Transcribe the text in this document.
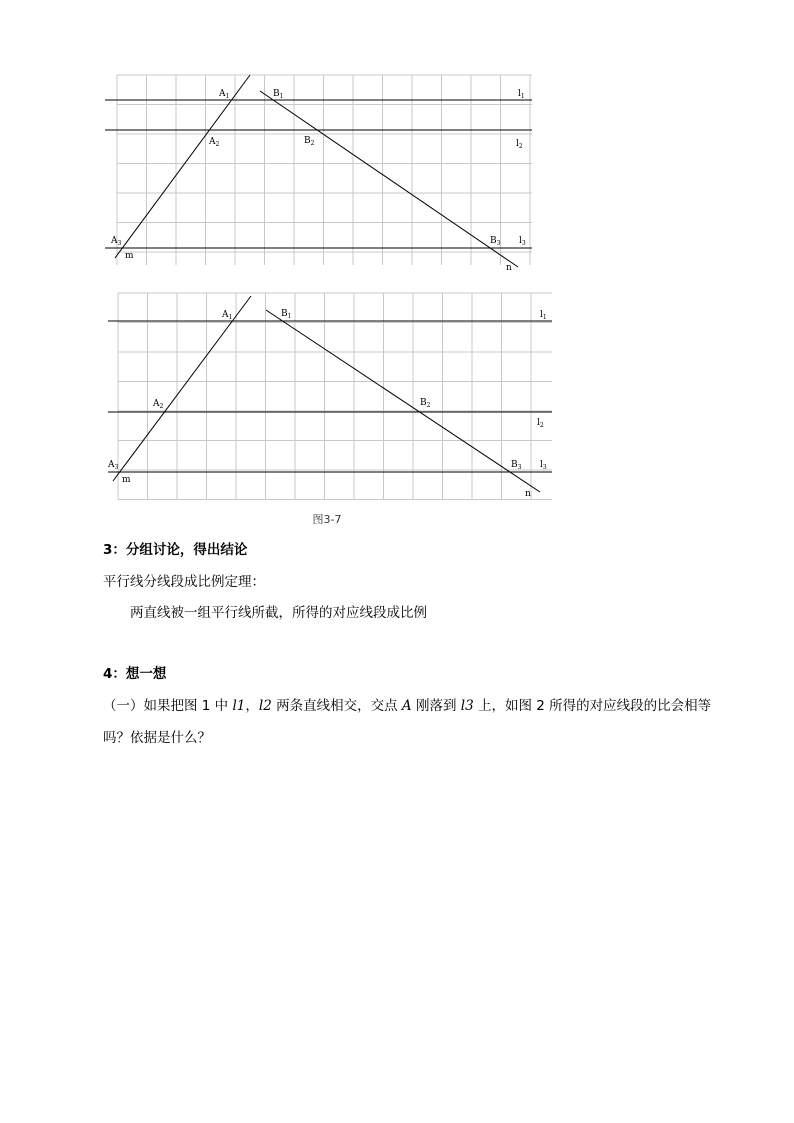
$A_1$	$B_1$	$l_1$
$A_2$	$B_2$	$l_2$
$A_3$	$B_3$ $l_3$
m
n
$A_1$	$B_1$	$l_1$
$A_2$	$B_2$
$l_2$
$A_3$	$B_3$ $l_3$
m
n
图3-7
3：分组讨论，得出结论
平行线分线段成比例定理：
两直线被一组平行线所截，所得的对应线段成比例
4：想一想
（一）如果把图 1 中 l1，l2 两条直线相交，交点 A 刚落到 l3 上，如图 2 所得的对应线段的比会相等
吗？依据是什么？
